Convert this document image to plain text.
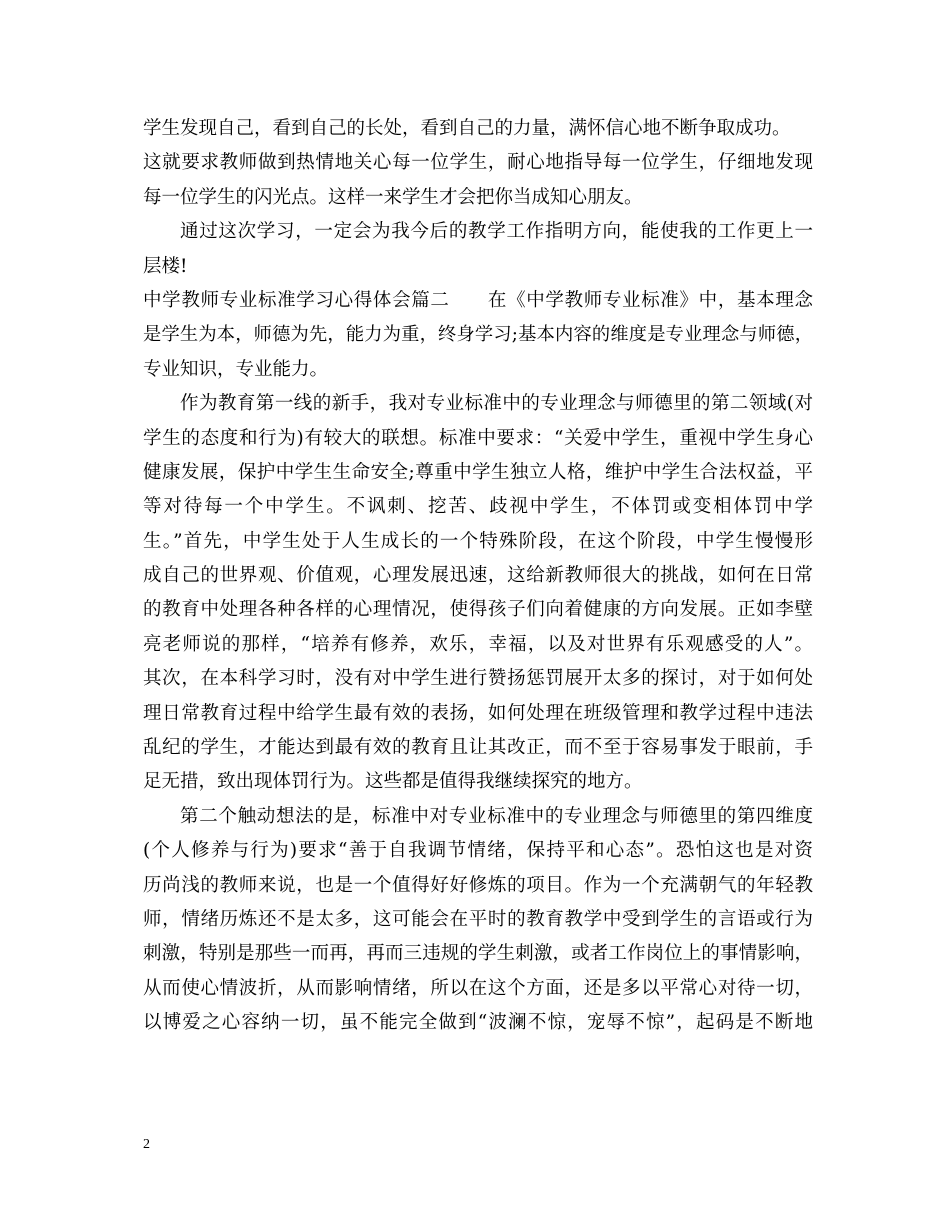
学生发现自己，看到自己的长处，看到自己的力量，满怀信心地不断争取成功。
这就要求教师做到热情地关心每一位学生，耐心地指导每一位学生，仔细地发现
每一位学生的闪光点。这样一来学生才会把你当成知心朋友。
通过这次学习，一定会为我今后的教学工作指明方向，能使我的工作更上一
层楼!
中学教师专业标准学习心得体会篇二　　在《中学教师专业标准》中，基本理念
是学生为本，师德为先，能力为重，终身学习;基本内容的维度是专业理念与师德，
专业知识，专业能力。
作为教育第一线的新手，我对专业标准中的专业理念与师德里的第二领域(对
学生的态度和行为)有较大的联想。标准中要求：“关爱中学生，重视中学生身心
健康发展，保护中学生生命安全;尊重中学生独立人格，维护中学生合法权益，平
等对待每一个中学生。不讽刺、挖苦、歧视中学生，不体罚或变相体罚中学
生。”首先，中学生处于人生成长的一个特殊阶段，在这个阶段，中学生慢慢形
成自己的世界观、价值观，心理发展迅速，这给新教师很大的挑战，如何在日常
的教育中处理各种各样的心理情况，使得孩子们向着健康的方向发展。正如李壁
亮老师说的那样，“培养有修养，欢乐，幸福，以及对世界有乐观感受的人”。
其次，在本科学习时，没有对中学生进行赞扬惩罚展开太多的探讨，对于如何处
理日常教育过程中给学生最有效的表扬，如何处理在班级管理和教学过程中违法
乱纪的学生，才能达到最有效的教育且让其改正，而不至于容易事发于眼前，手
足无措，致出现体罚行为。这些都是值得我继续探究的地方。
第二个触动想法的是，标准中对专业标准中的专业理念与师德里的第四维度
(个人修养与行为)要求“善于自我调节情绪，保持平和心态”。恐怕这也是对资
历尚浅的教师来说，也是一个值得好好修炼的项目。作为一个充满朝气的年轻教
师，情绪历炼还不是太多，这可能会在平时的教育教学中受到学生的言语或行为
刺激，特别是那些一而再，再而三违规的学生刺激，或者工作岗位上的事情影响，
从而使心情波折，从而影响情绪，所以在这个方面，还是多以平常心对待一切，
以博爱之心容纳一切，虽不能完全做到“波澜不惊，宠辱不惊”，起码是不断地
2
